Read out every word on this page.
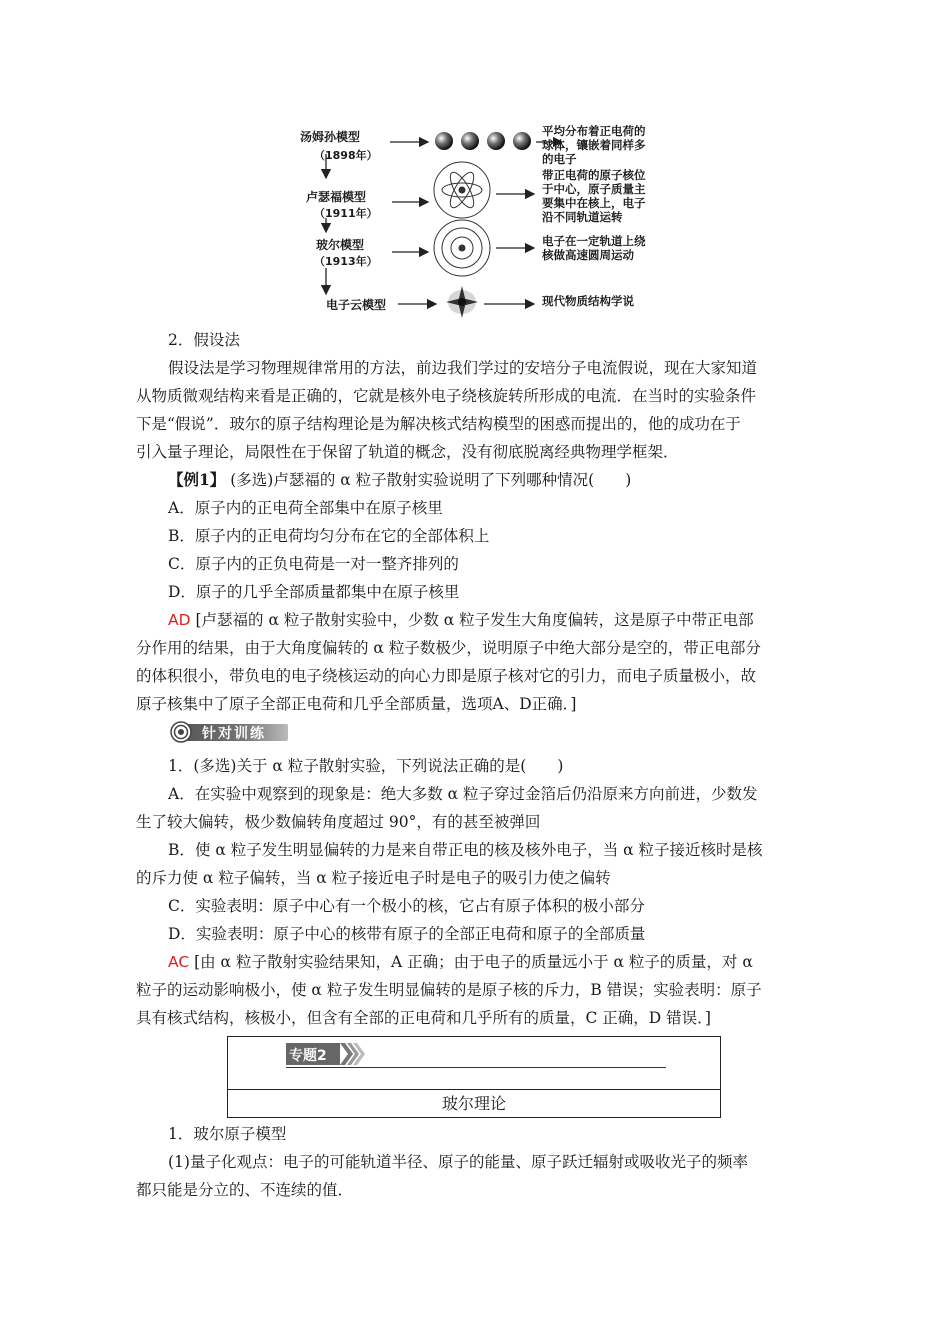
汤姆孙模型
（1898年）
平均分布着正电荷的
球体，镶嵌着同样多
的电子
卢瑟福模型
（1911年）
带正电荷的原子核位
于中心，原子质量主
要集中在核上，电子
沿不同轨道运转
玻尔模型
（1913年）
电子在一定轨道上绕
核做高速圆周运动
电子云模型	现代物质结构学说
2．假设法
假设法是学习物理规律常用的方法，前边我们学过的安培分子电流假说，现在大家知道
从物质微观结构来看是正确的，它就是核外电子绕核旋转所形成的电流．在当时的实验条件
下是“假说”．玻尔的原子结构理论是为解决核式结构模型的困惑而提出的，他的成功在于
引入量子理论，局限性在于保留了轨道的概念，没有彻底脱离经典物理学框架．
【例1】 (多选)卢瑟福的 α 粒子散射实验说明了下列哪种情况(　　)
A．原子内的正电荷全部集中在原子核里
B．原子内的正电荷均匀分布在它的全部体积上
C．原子内的正负电荷是一对一整齐排列的
D．原子的几乎全部质量都集中在原子核里
AD [卢瑟福的 α 粒子散射实验中，少数 α 粒子发生大角度偏转，这是原子中带正电部
分作用的结果，由于大角度偏转的 α 粒子数极少，说明原子中绝大部分是空的，带正电部分
的体积很小，带负电的电子绕核运动的向心力即是原子核对它的引力，而电子质量极小，故
原子核集中了原子全部正电荷和几乎全部质量，选项A、D正确．]
针对训练
1．(多选)关于 α 粒子散射实验，下列说法正确的是(　　)
A．在实验中观察到的现象是：绝大多数 α 粒子穿过金箔后仍沿原来方向前进，少数发
生了较大偏转，极少数偏转角度超过 90°，有的甚至被弹回
B．使 α 粒子发生明显偏转的力是来自带正电的核及核外电子，当 α 粒子接近核时是核
的斥力使 α 粒子偏转，当 α 粒子接近电子时是电子的吸引力使之偏转
C．实验表明：原子中心有一个极小的核，它占有原子体积的极小部分
D．实验表明：原子中心的核带有原子的全部正电荷和原子的全部质量
AC [由 α 粒子散射实验结果知，A 正确；由于电子的质量远小于 α 粒子的质量，对 α
粒子的运动影响极小，使 α 粒子发生明显偏转的是原子核的斥力，B 错误；实验表明：原子
具有核式结构，核极小，但含有全部的正电荷和几乎所有的质量，C 正确，D 错误．]
专题2
玻尔理论
1．玻尔原子模型
(1)量子化观点：电子的可能轨道半径、原子的能量、原子跃迁辐射或吸收光子的频率
都只能是分立的、不连续的值．
